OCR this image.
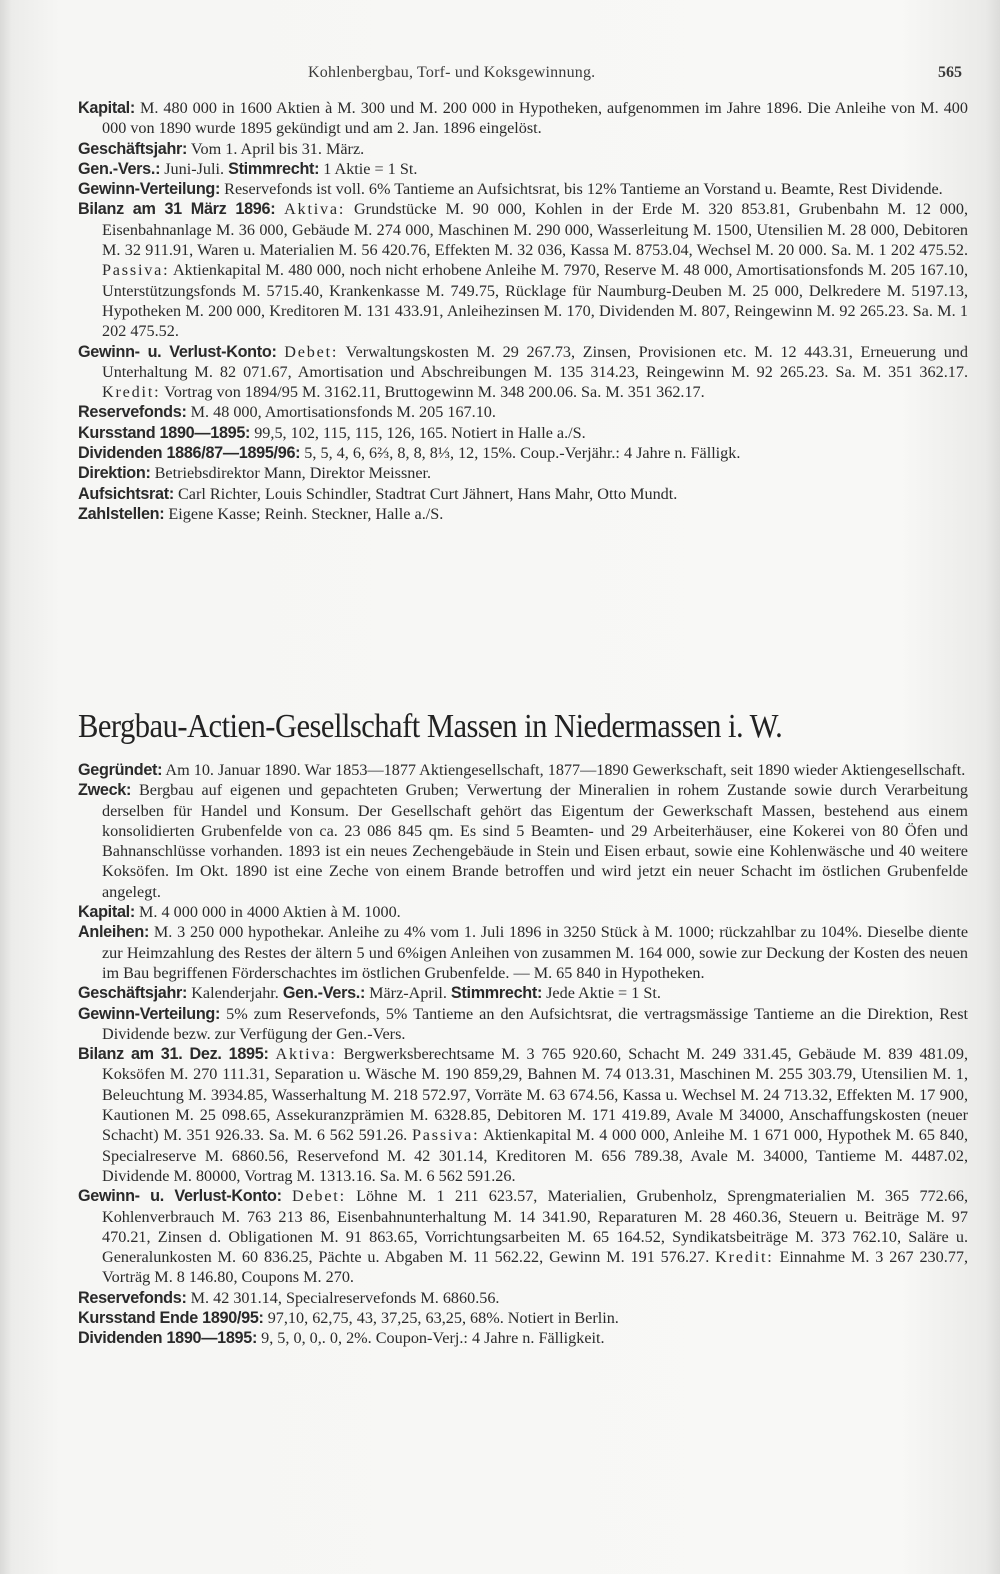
Kohlenbergbau, Torf- und Koksgewinnung.	565

Kapital: M. 480 000 in 1600 Aktien à M. 300 und M. 200 000 in Hypotheken, aufgenommen im Jahre 1896. Die Anleihe von M. 400 000 von 1890 wurde 1895 gekündigt und am 2. Jan. 1896 eingelöst.

Geschäftsjahr: Vom 1. April bis 31. März.

Gen.-Vers.: Juni-Juli. Stimmrecht: 1 Aktie = 1 St.

Gewinn-Verteilung: Reservefonds ist voll. 6% Tantieme an Aufsichtsrat, bis 12% Tantieme an Vorstand u. Beamte, Rest Dividende.

Bilanz am 31 März 1896: Aktiva: Grundstücke M. 90 000, Kohlen in der Erde M. 320 853.81, Grubenbahn M. 12 000, Eisenbahnanlage M. 36 000, Gebäude M. 274 000, Maschinen M. 290 000, Wasserleitung M. 1500, Utensilien M. 28 000, Debitoren M. 32 911.91, Waren u. Materialien M. 56 420.76, Effekten M. 32 036, Kassa M. 8753.04, Wechsel M. 20 000. Sa. M. 1 202 475.52. Passiva: Aktienkapital M. 480 000, noch nicht erhobene Anleihe M. 7970, Reserve M. 48 000, Amortisationsfonds M. 205 167.10, Unterstützungsfonds M. 5715.40, Krankenkasse M. 749.75, Rücklage für Naumburg-Deuben M. 25 000, Delkredere M. 5197.13, Hypotheken M. 200 000, Kreditoren M. 131 433.91, Anleihezinsen M. 170, Dividenden M. 807, Reingewinn M. 92 265.23. Sa. M. 1 202 475.52.

Gewinn- u. Verlust-Konto: Debet: Verwaltungskosten M. 29 267.73, Zinsen, Provisionen etc. M. 12 443.31, Erneuerung und Unterhaltung M. 82 071.67, Amortisation und Abschreibungen M. 135 314.23, Reingewinn M. 92 265.23. Sa. M. 351 362.17. Kredit: Vortrag von 1894/95 M. 3162.11, Bruttogewinn M. 348 200.06. Sa. M. 351 362.17.

Reservefonds: M. 48 000, Amortisationsfonds M. 205 167.10.

Kursstand 1890—1895: 99,5, 102, 115, 115, 126, 165. Notiert in Halle a./S.

Dividenden 1886/87—1895/96: 5, 5, 4, 6, 6⅔, 8, 8, 8⅓, 12, 15%. Coup.-Verjähr.: 4 Jahre n. Fälligk.

Direktion: Betriebsdirektor Mann, Direktor Meissner.

Aufsichtsrat: Carl Richter, Louis Schindler, Stadtrat Curt Jähnert, Hans Mahr, Otto Mundt.

Zahlstellen: Eigene Kasse; Reinh. Steckner, Halle a./S.

Bergbau-Actien-Gesellschaft Massen in Niedermassen i. W.

Gegründet: Am 10. Januar 1890. War 1853—1877 Aktiengesellschaft, 1877—1890 Gewerkschaft, seit 1890 wieder Aktiengesellschaft.

Zweck: Bergbau auf eigenen und gepachteten Gruben; Verwertung der Mineralien in rohem Zustande sowie durch Verarbeitung derselben für Handel und Konsum. Der Gesellschaft gehört das Eigentum der Gewerkschaft Massen, bestehend aus einem konsolidierten Grubenfelde von ca. 23 086 845 qm. Es sind 5 Beamten- und 29 Arbeiterhäuser, eine Kokerei von 80 Öfen und Bahnanschlüsse vorhanden. 1893 ist ein neues Zechengebäude in Stein und Eisen erbaut, sowie eine Kohlenwäsche und 40 weitere Koksöfen. Im Okt. 1890 ist eine Zeche von einem Brande betroffen und wird jetzt ein neuer Schacht im östlichen Grubenfelde angelegt.

Kapital: M. 4 000 000 in 4000 Aktien à M. 1000.

Anleihen: M. 3 250 000 hypothekar. Anleihe zu 4% vom 1. Juli 1896 in 3250 Stück à M. 1000; rückzahlbar zu 104%. Dieselbe diente zur Heimzahlung des Restes der ältern 5 und 6%igen Anleihen von zusammen M. 164 000, sowie zur Deckung der Kosten des neuen im Bau begriffenen Förderschachtes im östlichen Grubenfelde. — M. 65 840 in Hypotheken.

Geschäftsjahr: Kalenderjahr. Gen.-Vers.: März-April. Stimmrecht: Jede Aktie = 1 St.

Gewinn-Verteilung: 5% zum Reservefonds, 5% Tantieme an den Aufsichtsrat, die vertragsmässige Tantieme an die Direktion, Rest Dividende bezw. zur Verfügung der Gen.-Vers.

Bilanz am 31. Dez. 1895: Aktiva: Bergwerksberechtsame M. 3 765 920.60, Schacht M. 249 331.45, Gebäude M. 839 481.09, Koksöfen M. 270 111.31, Separation u. Wäsche M. 190 859,29, Bahnen M. 74 013.31, Maschinen M. 255 303.79, Utensilien M. 1, Beleuchtung M. 3934.85, Wasserhaltung M. 218 572.97, Vorräte M. 63 674.56, Kassa u. Wechsel M. 24 713.32, Effekten M. 17 900, Kautionen M. 25 098.65, Assekuranzprämien M. 6328.85, Debitoren M. 171 419.89, Avale M 34000, Anschaffungskosten (neuer Schacht) M. 351 926.33. Sa. M. 6 562 591.26. Passiva: Aktienkapital M. 4 000 000, Anleihe M. 1 671 000, Hypothek M. 65 840, Specialreserve M. 6860.56, Reservefond M. 42 301.14, Kreditoren M. 656 789.38, Avale M. 34000, Tantieme M. 4487.02, Dividende M. 80000, Vortrag M. 1313.16. Sa. M. 6 562 591.26.

Gewinn- u. Verlust-Konto: Debet: Löhne M. 1 211 623.57, Materialien, Grubenholz, Sprengmaterialien M. 365 772.66, Kohlenverbrauch M. 763 213 86, Eisenbahnunterhaltung M. 14 341.90, Reparaturen M. 28 460.36, Steuern u. Beiträge M. 97 470.21, Zinsen d. Obligationen M. 91 863.65, Vorrichtungsarbeiten M. 65 164.52, Syndikatsbeiträge M. 373 762.10, Saläre u. Generalunkosten M. 60 836.25, Pächte u. Abgaben M. 11 562.22, Gewinn M. 191 576.27. Kredit: Einnahme M. 3 267 230.77, Vorträg M. 8 146.80, Coupons M. 270.

Reservefonds: M. 42 301.14, Specialreservefonds M. 6860.56.

Kursstand Ende 1890/95: 97,10, 62,75, 43, 37,25, 63,25, 68%. Notiert in Berlin.

Dividenden 1890—1895: 9, 5, 0, 0,. 0, 2%. Coupon-Verj.: 4 Jahre n. Fälligkeit.
